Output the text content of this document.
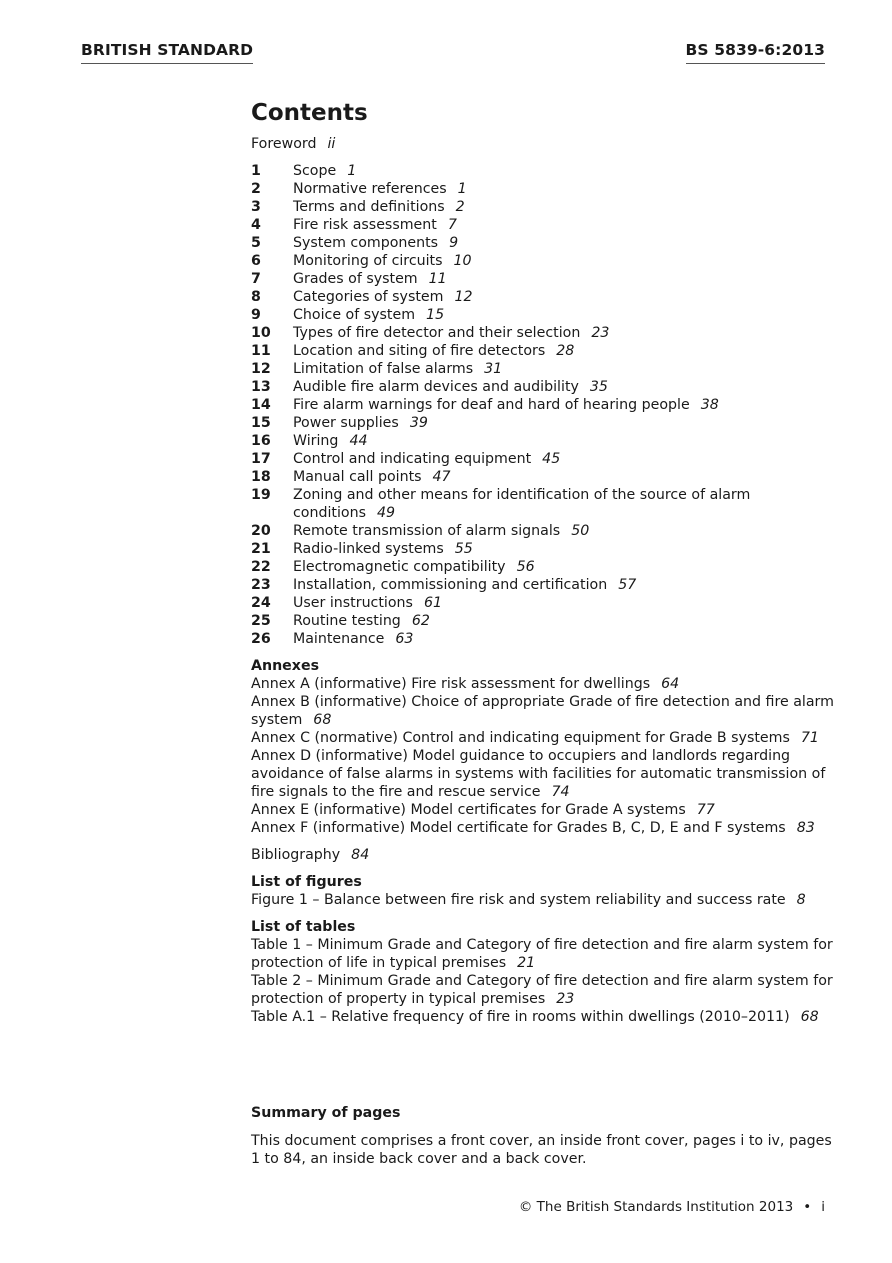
BRITISH STANDARD	BS 5839-6:2013
Contents
Foreword ii
1	Scope 1
2	Normative references 1
3	Terms and definitions 2
4	Fire risk assessment 7
5	System components 9
6	Monitoring of circuits 10
7	Grades of system 11
8	Categories of system 12
9	Choice of system 15
10	Types of fire detector and their selection 23
11	Location and siting of fire detectors 28
12	Limitation of false alarms 31
13	Audible fire alarm devices and audibility 35
14	Fire alarm warnings for deaf and hard of hearing people 38
15	Power supplies 39
16	Wiring 44
17	Control and indicating equipment 45
18	Manual call points 47
19	Zoning and other means for identification of the source of alarm conditions 49
20	Remote transmission of alarm signals 50
21	Radio-linked systems 55
22	Electromagnetic compatibility 56
23	Installation, commissioning and certification 57
24	User instructions 61
25	Routine testing 62
26	Maintenance 63
Annexes
Annex A (informative) Fire risk assessment for dwellings 64
Annex B (informative) Choice of appropriate Grade of fire detection and fire alarm system 68
Annex C (normative) Control and indicating equipment for Grade B systems 71
Annex D (informative) Model guidance to occupiers and landlords regarding avoidance of false alarms in systems with facilities for automatic transmission of fire signals to the fire and rescue service 74
Annex E (informative) Model certificates for Grade A systems 77
Annex F (informative) Model certificate for Grades B, C, D, E and F systems 83
Bibliography 84
List of figures
Figure 1 – Balance between fire risk and system reliability and success rate 8
List of tables
Table 1 – Minimum Grade and Category of fire detection and fire alarm system for protection of life in typical premises 21
Table 2 – Minimum Grade and Category of fire detection and fire alarm system for protection of property in typical premises 23
Table A.1 – Relative frequency of fire in rooms within dwellings (2010–2011) 68
Summary of pages
This document comprises a front cover, an inside front cover, pages i to iv, pages 1 to 84, an inside back cover and a back cover.
© The British Standards Institution 2013 • i
